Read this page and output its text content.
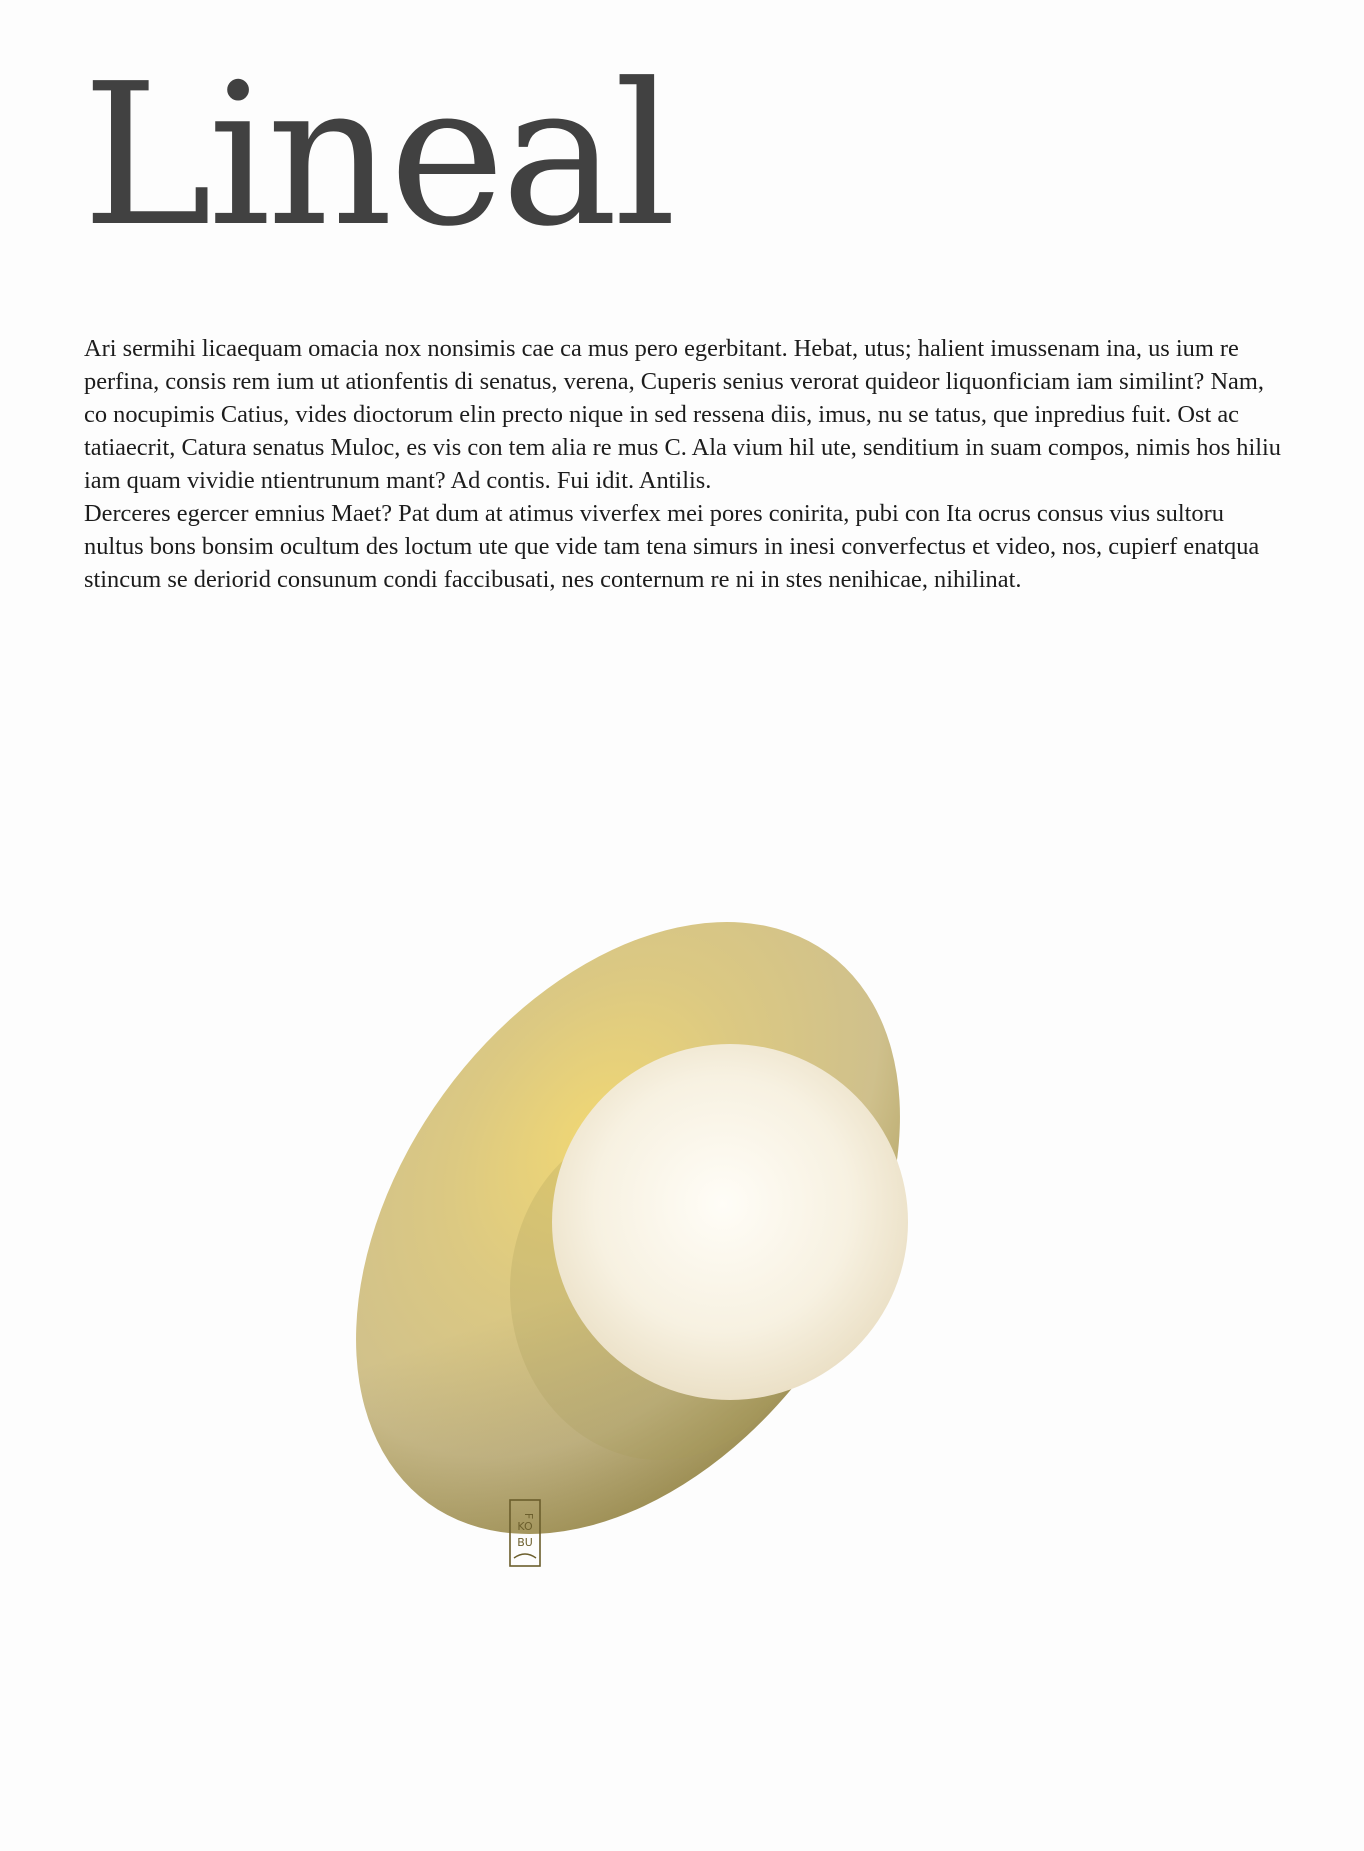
Lineal

Ari sermihi licaequam omacia nox nonsimis cae ca mus pero egerbitant. Hebat, utus; halient imussenam ina, us ium re perfina, consis rem ium ut ationfentis di senatus, verena, Cuperis senius verorat quideor liquonficiam iam similint? Nam, co nocupimis Catius, vides dioctorum elin precto nique in sed ressena diis, imus, nu se tatus, que inpredius fuit. Ost ac tatiaecrit, Catura senatus Muloc, es vis con tem alia re mus C. Ala vium hil ute, senditium in suam compos, nimis hos hiliu iam quam vividie ntientrunum mant? Ad contis. Fui idit. Antilis.

Derceres egercer emnius Maet? Pat dum at atimus viverfex mei pores conirita, pubi con Ita ocrus consus vius sultoru nultus bons bonsim ocultum des loctum ute que vide tam tena simurs in inesi converfectus et video, nos, cupierf enatqua stincum se deriorid consunum condi faccibusati, nes conternum re ni in stes nenihicae, nihilinat.

F
KO
BU
